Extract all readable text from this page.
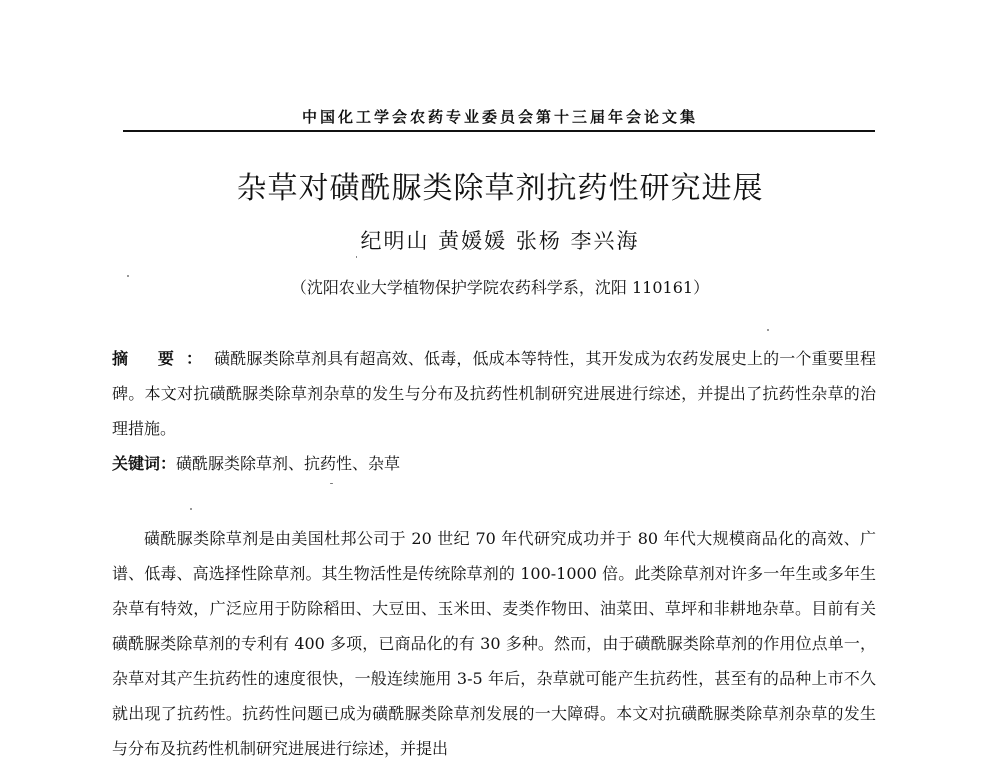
中国化工学会农药专业委员会第十三届年会论文集
杂草对磺酰脲类除草剂抗药性研究进展
纪明山 黄媛媛 张杨 李兴海
（沈阳农业大学植物保护学院农药科学系，沈阳 110161）
摘 要：磺酰脲类除草剂具有超高效、低毒，低成本等特性，其开发成为农药发展史上的一个重要里程碑。本文对抗磺酰脲类除草剂杂草的发生与分布及抗药性机制研究进展进行综述，并提出了抗药性杂草的治理措施。
关键词：磺酰脲类除草剂、抗药性、杂草
磺酰脲类除草剂是由美国杜邦公司于 20 世纪 70 年代研究成功并于 80 年代大规模商品化的高效、广谱、低毒、高选择性除草剂。其生物活性是传统除草剂的 100-1000 倍。此类除草剂对许多一年生或多年生杂草有特效，广泛应用于防除稻田、大豆田、玉米田、麦类作物田、油菜田、草坪和非耕地杂草。目前有关磺酰脲类除草剂的专利有 400 多项，已商品化的有 30 多种。然而，由于磺酰脲类除草剂的作用位点单一，杂草对其产生抗药性的速度很快，一般连续施用 3-5 年后，杂草就可能产生抗药性，甚至有的品种上市不久就出现了抗药性。抗药性问题已成为磺酰脲类除草剂发展的一大障碍。本文对抗磺酰脲类除草剂杂草的发生与分布及抗药性机制研究进展进行综述，并提出
